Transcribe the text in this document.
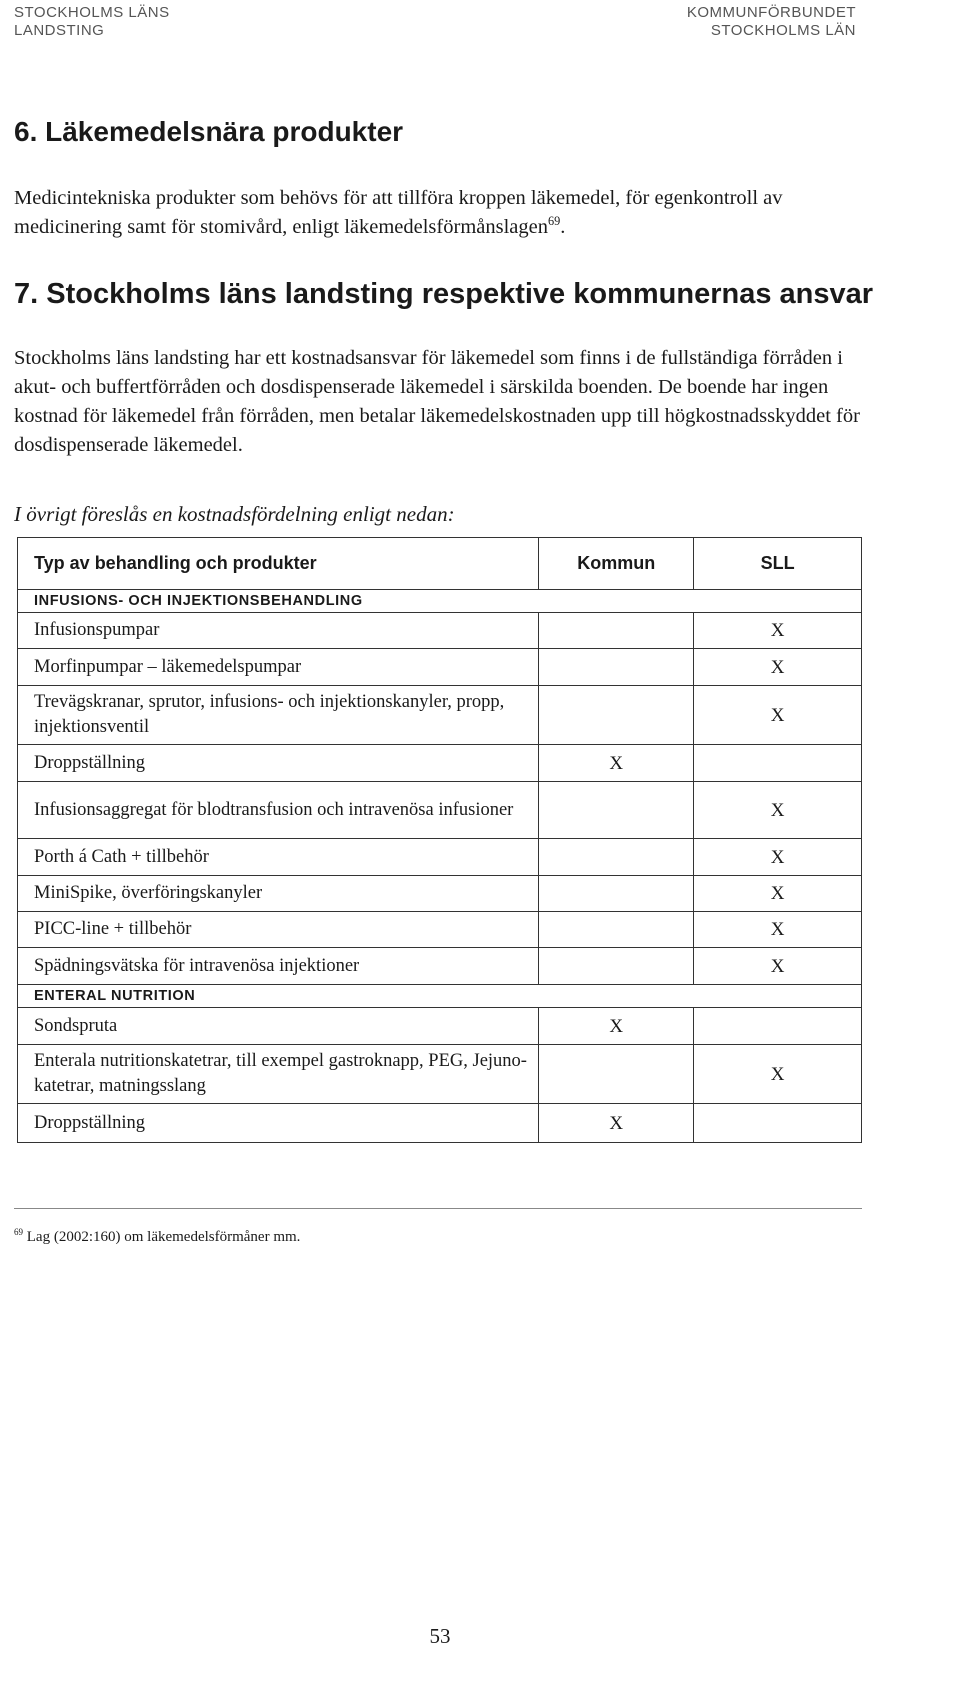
STOCKHOLMS LÄNS
LANDSTING
KOMMUNFÖRBUNDET
STOCKHOLMS LÄN
6. Läkemedelsnära produkter

Medicintekniska produkter som behövs för att tillföra kroppen läkemedel, för egenkontroll av medicinering samt för stomivård, enligt läkemedelsförmånslagen$^{69}$.

7. Stockholms läns landsting respektive kommunernas ansvar

Stockholms läns landsting har ett kostnadsansvar för läkemedel som finns i de fullständiga förråden i akut- och buffertförråden och dosdispenserade läkemedel i särskilda boenden. De boende har ingen kostnad för läkemedel från förråden, men betalar läkemedelskostnaden upp till högkostnadsskyddet för dosdispenserade läkemedel.

I övrigt föreslås en kostnadsfördelning enligt nedan:

Typ av behandling och produkter	Kommun	SLL
INFUSIONS- OCH INJEKTIONSBEHANDLING		
Infusionspumpar		X
Morfinpumpar – läkemedelspumpar		X
Trevägskranar, sprutor, infusions- och injektionskanyler, propp, injektionsventil		X
Droppställning	X	
Infusionsaggregat för blodtransfusion och intravenösa infusioner		X
Porth á Cath + tillbehör		X
MiniSpike, överföringskanyler		X
PICC-line + tillbehör		X
Spädningsvätska för intravenösa injektioner		X
ENTERAL NUTRITION		
Sondspruta	X	
Enterala nutritionskatetrar, till exempel gastroknapp, PEG, Jejuno-katetrar, matningsslang		X
Droppställning	X	

$^{69}$ Lag (2002:160) om läkemedelsförmåner mm.

53
